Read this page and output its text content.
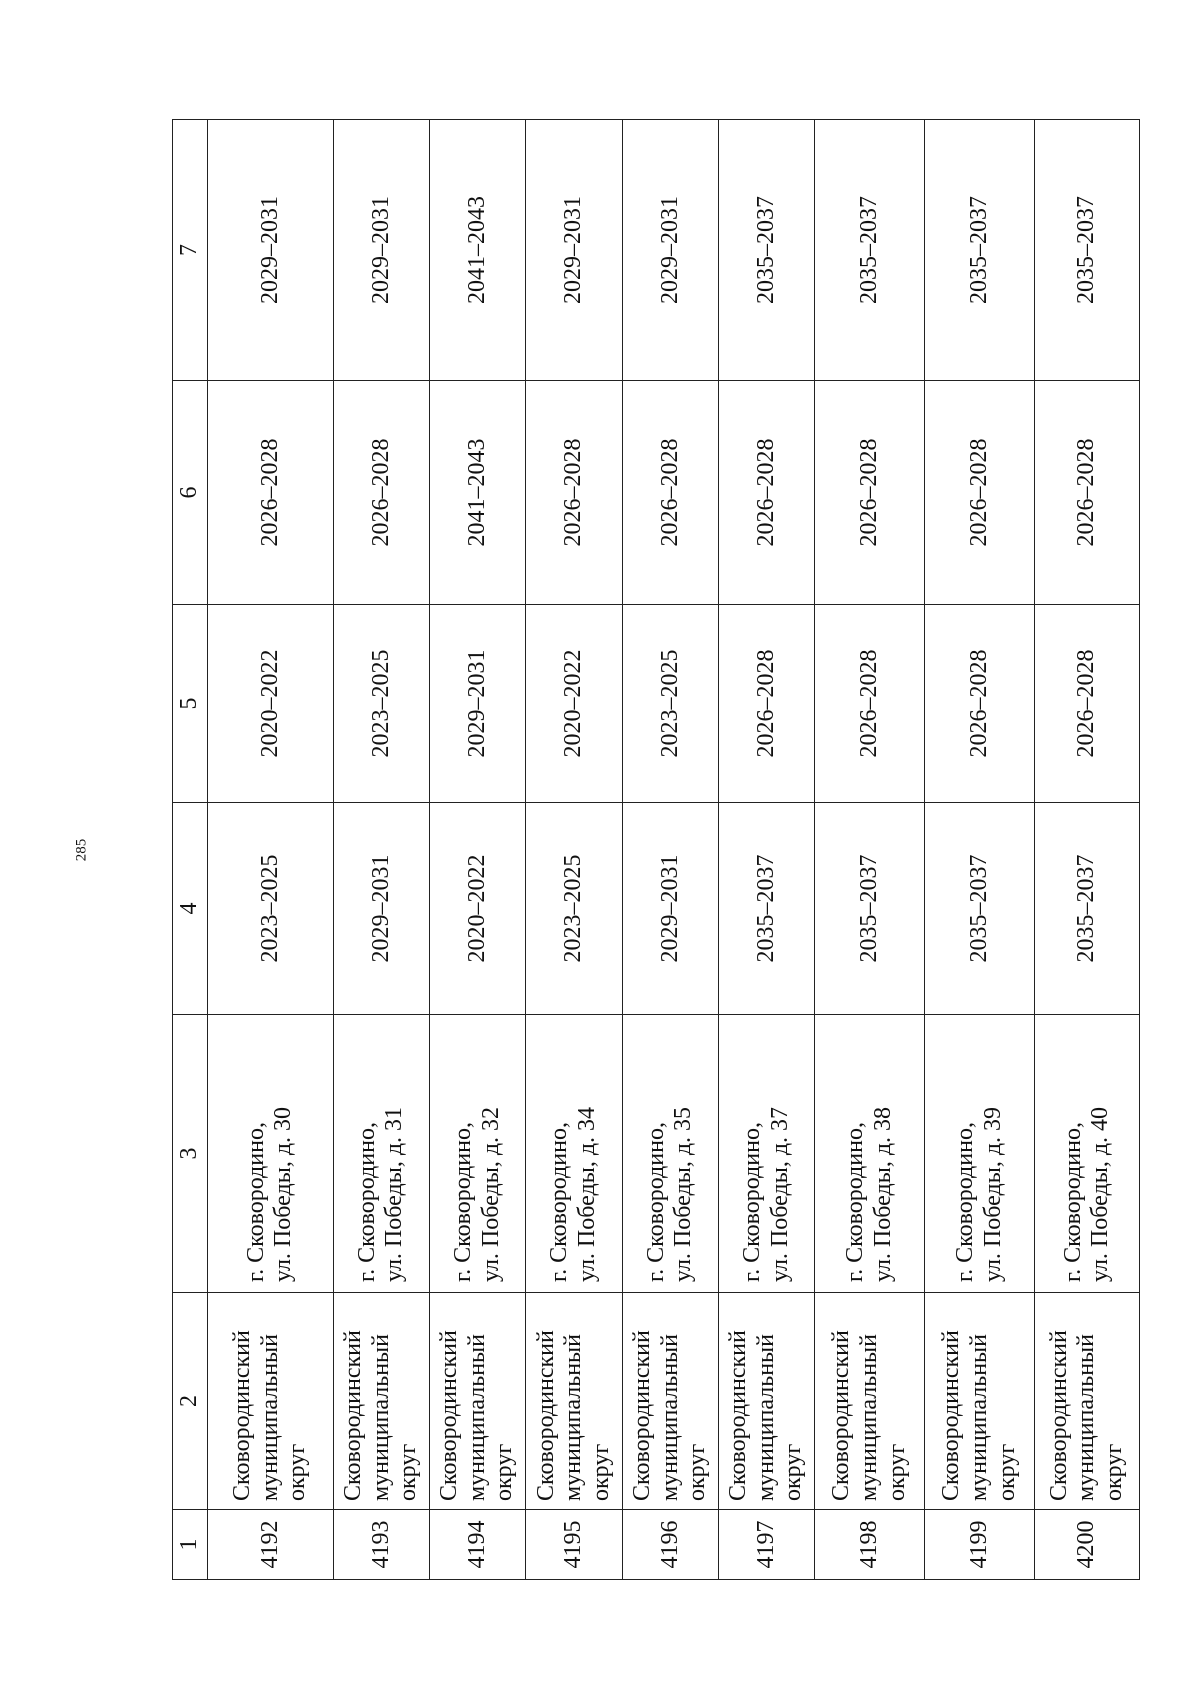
285
1	2	3	4	5	6	7
4192	Сковородинский муниципальный округ	г. Сковородино, ул. Победы, д. 30	2023–2025	2020–2022	2026–2028	2029–2031
4193	Сковородинский муниципальный округ	г. Сковородино, ул. Победы, д. 31	2029–2031	2023–2025	2026–2028	2029–2031
4194	Сковородинский муниципальный округ	г. Сковородино, ул. Победы, д. 32	2020–2022	2029–2031	2041–2043	2041–2043
4195	Сковородинский муниципальный округ	г. Сковородино, ул. Победы, д. 34	2023–2025	2020–2022	2026–2028	2029–2031
4196	Сковородинский муниципальный округ	г. Сковородино, ул. Победы, д. 35	2029–2031	2023–2025	2026–2028	2029–2031
4197	Сковородинский муниципальный округ	г. Сковородино, ул. Победы, д. 37	2035–2037	2026–2028	2026–2028	2035–2037
4198	Сковородинский муниципальный округ	г. Сковородино, ул. Победы, д. 38	2035–2037	2026–2028	2026–2028	2035–2037
4199	Сковородинский муниципальный округ	г. Сковородино, ул. Победы, д. 39	2035–2037	2026–2028	2026–2028	2035–2037
4200	Сковородинский муниципальный округ	г. Сковородино, ул. Победы, д. 40	2035–2037	2026–2028	2026–2028	2035–2037
